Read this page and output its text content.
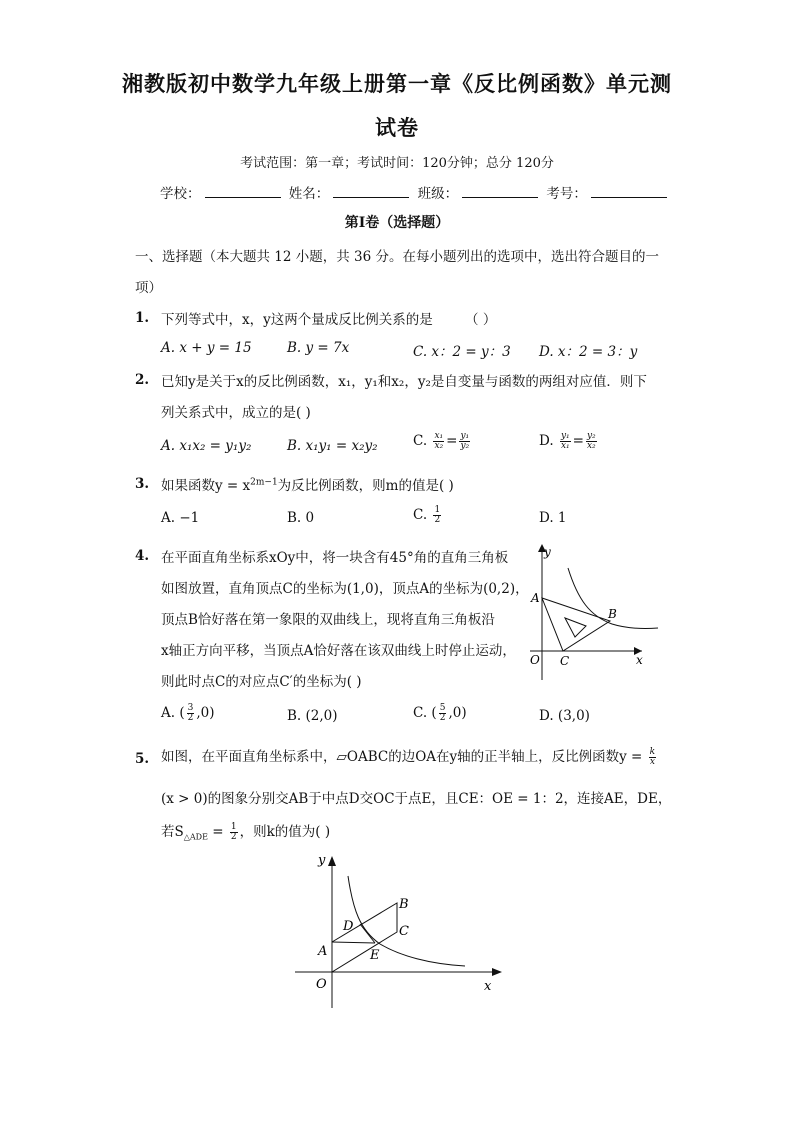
湘教版初中数学九年级上册第一章《反比例函数》单元测
试卷
考试范围：第一章；考试时间：120分钟；总分 120分
学校：	姓名：	班级：	考号：
第Ⅰ卷（选择题）
一、选择题（本大题共 12 小题，共 36 分。在每小题列出的选项中，选出符合题目的一
项）
1. 下列等式中，x，y这两个量成反比例关系的是 （ ）
A. x + y = 15	B. y = 7x	C. x：2 = y：3 D. x：2 = 3：y
2. 已知y是关于x的反比例函数，x₁，y₁和x₂，y₂是自变量与函数的两组对应值．则下
列关系式中，成立的是( )
A. x₁x₂ = y₁y₂	B. x₁y₁ = x₂y₂	C. $\frac{\text{x₁}}{\text{x₂}} = \frac{\text{y₁}}{\text{y₂}}$	D. $\frac{\text{y₁}}{\text{x₁}} = \frac{\text{y₂}}{\text{x₂}}$
3. 如果函数$y = x^{2m-1}$为反比例函数，则m的值是( )
A. −1	B. 0	C. $\frac{1}{2}$	D. 1
4. 在平面直角坐标系xOy中，将一块含有45°角的直角三角板
如图放置，直角顶点C的坐标为(1,0)，顶点A的坐标为(0,2)，
顶点B恰好落在第一象限的双曲线上，现将直角三角板沿
x轴正方向平移，当顶点A恰好落在该双曲线上时停止运动，
则此时点C的对应点C′的坐标为( )
y
x
O
A
B
C
A. ( $\frac{3}{2} ,0$)	B. (2,0)	C. ( $\frac{5}{2} ,0$)	D. (3,0)
5. 如图，在平面直角坐标系中，▱OABC的边OA在y轴的正半轴上，反比例函数$y = \frac{k}{x}$
(x > 0)的图象分别交AB于中点D交OC于点E，且CE：OE = 1：2，连接AE，DE，
若$S_{\triangle ADE} = \frac{1}{2}$ ，则k的值为( )
y
x
O
A
B
C
D
E
